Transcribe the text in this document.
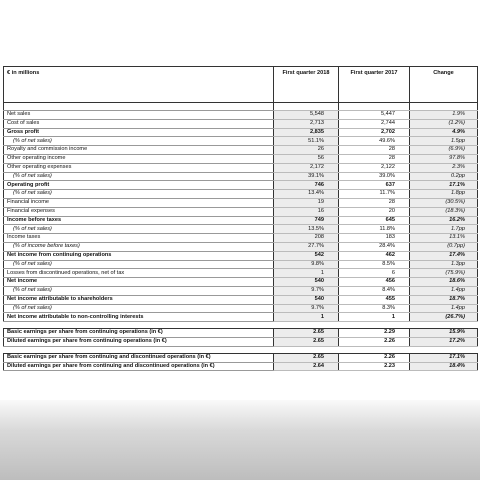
€ in millions	First quarter 2018	First quarter 2017	Change

Net sales	5,548	5,447	1.9%
Cost of sales	2,713	2,744	(1.2%)
Gross profit	2,835	2,702	4.9%
(% of net sales)	51.1%	49.6%	1.5pp
Royalty and commission income	26	28	(6.9%)
Other operating income	56	28	97.8%
Other operating expenses	2,172	2,122	2.3%
(% of net sales)	39.1%	39.0%	0.2pp
Operating profit	746	637	17.1%
(% of net sales)	13.4%	11.7%	1.8pp
Financial income	19	28	(30.5%)
Financial expenses	16	20	(18.3%)
Income before taxes	749	645	16.2%
(% of net sales)	13.5%	11.8%	1.7pp
Income taxes	208	183	13.1%
(% of income before taxes)	27.7%	28.4%	(0.7pp)
Net income from continuing operations	542	462	17.4%
(% of net sales)	9.8%	8.5%	1.3pp
Losses from discontinued operations, net of tax	1	6	(75.9%)
Net income	540	456	18.6%
(% of net sales)	9.7%	8.4%	1.4pp
Net income attributable to shareholders	540	455	18.7%
(% of net sales)	9.7%	8.3%	1.4pp
Net income attributable to non-controlling interests	1	1	(26.7%)

Basic earnings per share from continuing operations (in €)	2.65	2.29	15.9%
Diluted earnings per share from continuing operations (in €)	2.65	2.26	17.2%

Basic earnings per share from continuing and discontinued operations (in €)	2.65	2.26	17.1%
Diluted earnings per share from continuing and discontinued operations (in €)	2.64	2.23	18.4%
